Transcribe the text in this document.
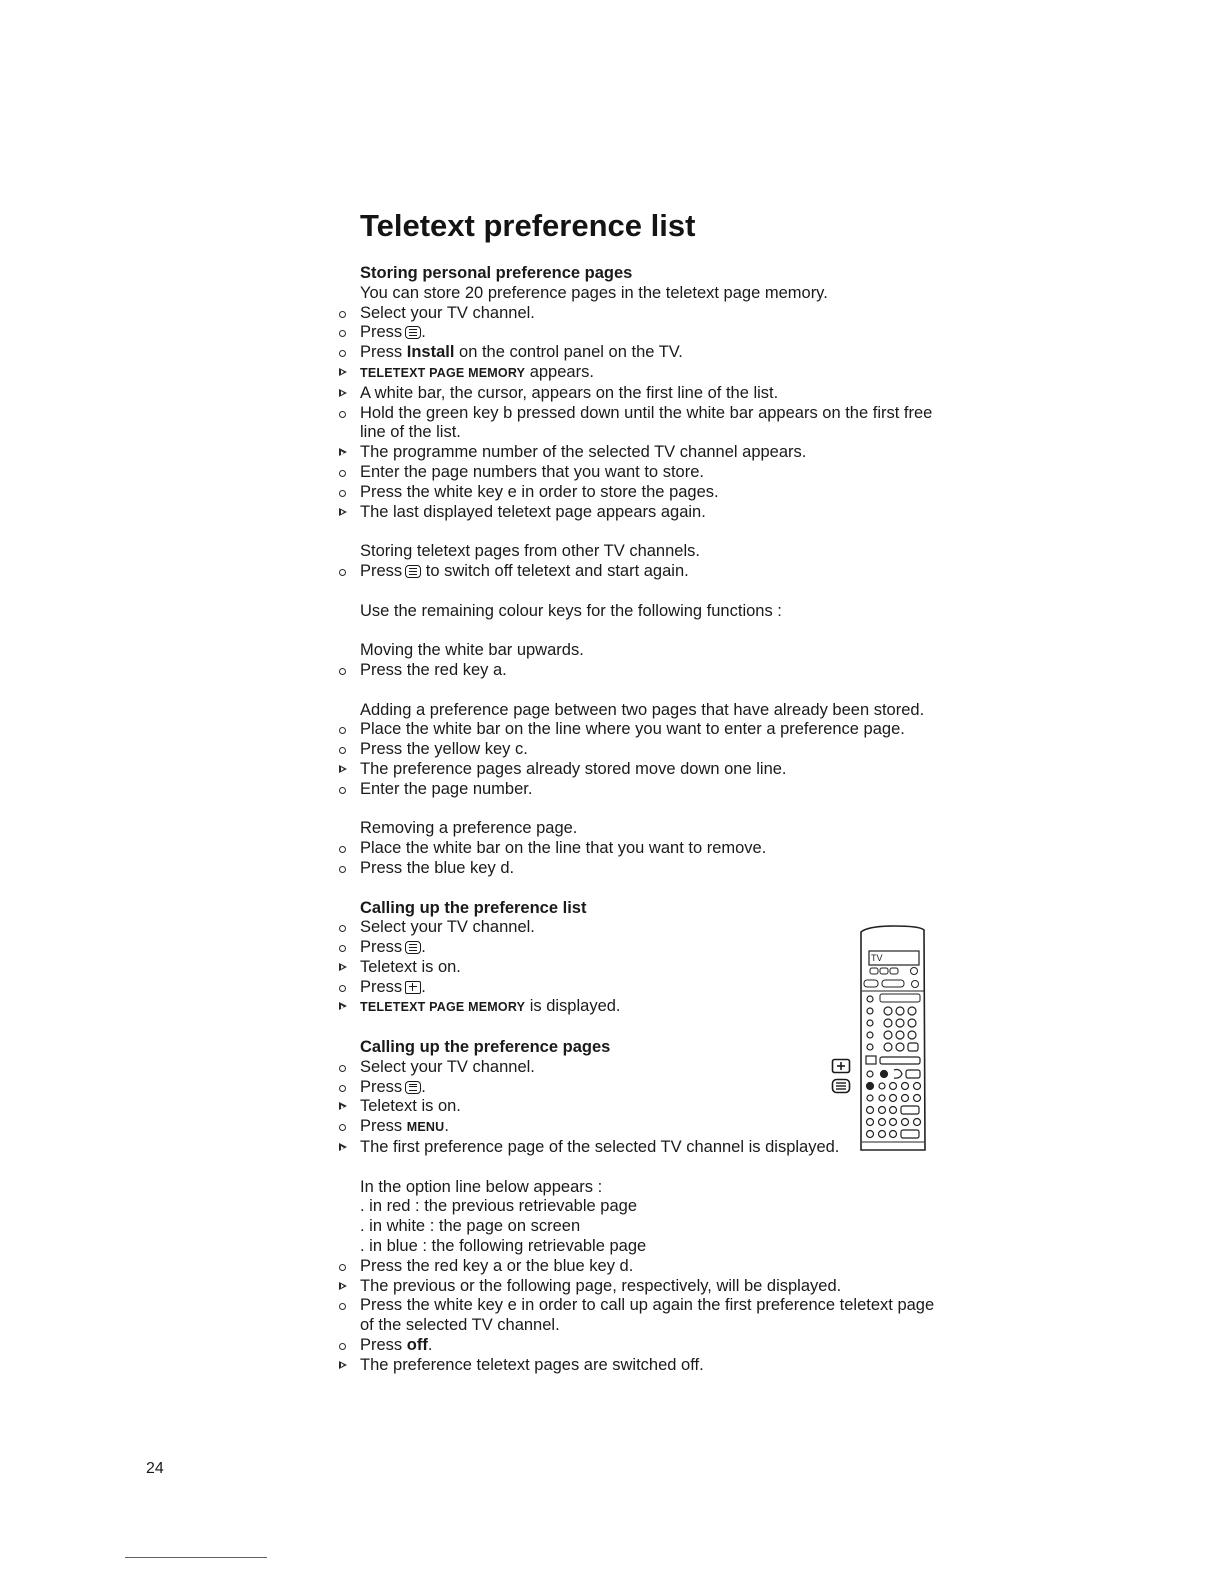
Teletext preference list
Storing personal preference pages
You can store 20 preference pages in the teletext page memory.
Select your TV channel.
Press .
Press Install on the control panel on the TV.
TELETEXT PAGE MEMORY appears.
A white bar, the cursor, appears on the first line of the list.
Hold the green key b pressed down until the white bar appears on the first free line of the list.
The programme number of the selected TV channel appears.
Enter the page numbers that you want to store.
Press the white key e in order to store the pages.
The last displayed teletext page appears again.
Storing teletext pages from other TV channels.
Press to switch off teletext and start again.
Use the remaining colour keys for the following functions :
Moving the white bar upwards.
Press the red key a.
Adding a preference page between two pages that have already been stored.
Place the white bar on the line where you want to enter a preference page.
Press the yellow key c.
The preference pages already stored move down one line.
Enter the page number.
Removing a preference page.
Place the white bar on the line that you want to remove.
Press the blue key d.
Calling up the preference list
Select your TV channel.
Press .
Teletext is on.
Press .
TELETEXT PAGE MEMORY is displayed.
Calling up the preference pages
Select your TV channel.
Press .
Teletext is on.
Press MENU.
The first preference page of the selected TV channel is displayed.
In the option line below appears :
. in red : the previous retrievable page
. in white : the page on screen
. in blue : the following retrievable page
Press the red key a or the blue key d.
The previous or the following page, respectively, will be displayed.
Press the white key e in order to call up again the first preference teletext page of the selected TV channel.
Press off.
The preference teletext pages are switched off.
TV
24
